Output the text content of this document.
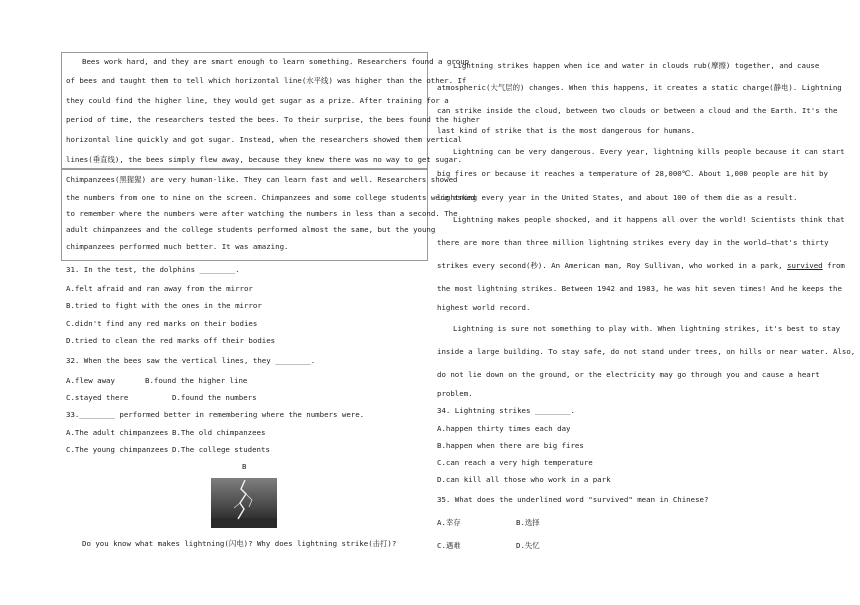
Bees work hard, and they are smart enough to learn something. Researchers found a group

of bees and taught them to tell which horizontal line(水平线) was higher than the other. If

they could find the higher line, they would get sugar as a prize. After training for a

period of time, the researchers tested the bees. To their surprise, the bees found the higher

horizontal line quickly and got sugar. Instead, when the researchers showed them vertical

lines(垂直线), the bees simply flew away, because they knew there was no way to get sugar.

Chimpanzees(黑猩猩) are very human-like. They can learn fast and well. Researchers showed

the numbers from one to nine on the screen. Chimpanzees and some college students were asked

to remember where the numbers were after watching the numbers in less than a second. The

adult chimpanzees and the college students performed almost the same, but the young

chimpanzees performed much better. It was amazing.

31. In the test, the dolphins ________.

A.felt afraid and ran away from the mirror

B.tried to fight with the ones in the mirror

C.didn't find any red marks on their bodies

D.tried to clean the red marks off their bodies

32. When the bees saw the vertical lines, they ________.

A.flew away	B.found the higher line

C.stayed there	D.found the numbers

33.________ performed better in remembering where the numbers were.

A.The adult chimpanzees B.The old chimpanzees

C.The young chimpanzees D.The college students

B

Do you know what makes lightning(闪电)? Why does lightning strike(击打)?

Lightning strikes happen when ice and water in clouds rub(摩擦) together, and cause

atmospheric(大气层的) changes. When this happens, it creates a static charge(静电). Lightning

can strike inside the cloud, between two clouds or between a cloud and the Earth. It's the

last kind of strike that is the most dangerous for humans.

Lightning can be very dangerous. Every year, lightning kills people because it can start

big fires or because it reaches a temperature of 28,000℃. About 1,000 people are hit by

lightning every year in the United States, and about 100 of them die as a result.

Lightning makes people shocked, and it happens all over the world! Scientists think that

there are more than three million lightning strikes every day in the world—that's thirty

strikes every second(秒). An American man, Roy Sullivan, who worked in a park, survived from

the most lightning strikes. Between 1942 and 1983, he was hit seven times! And he keeps the

highest world record.

Lightning is sure not something to play with. When lightning strikes, it's best to stay

inside a large building. To stay safe, do not stand under trees, on hills or near water. Also,

do not lie down on the ground, or the electricity may go through you and cause a heart

problem.

34. Lightning strikes ________.

A.happen thirty times each day

B.happen when there are big fires

C.can reach a very high temperature

D.can kill all those who work in a park

35. What does the underlined word "survived" mean in Chinese?

A.幸存	B.选择

C.遇难	D.失忆
